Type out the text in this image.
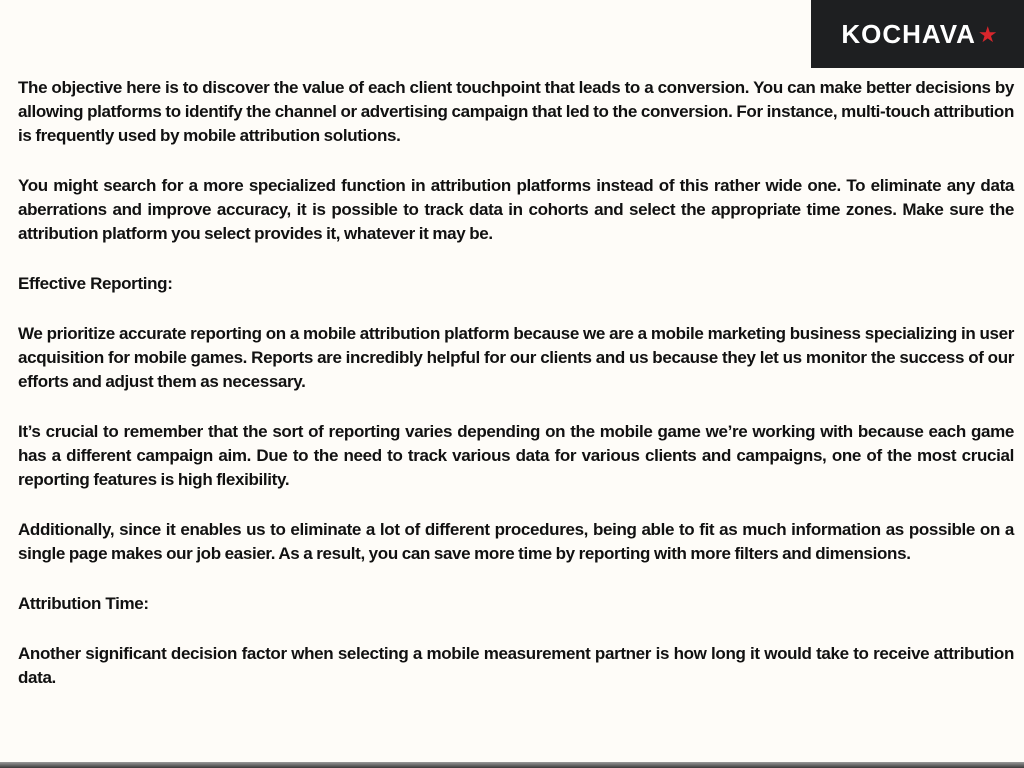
KOCHAVA ★

The objective here is to discover the value of each client touchpoint that leads to a conversion. You can make better decisions by allowing platforms to identify the channel or advertising campaign that led to the conversion. For instance, multi-touch attribution is frequently used by mobile attribution solutions.

You might search for a more specialized function in attribution platforms instead of this rather wide one. To eliminate any data aberrations and improve accuracy, it is possible to track data in cohorts and select the appropriate time zones. Make sure the attribution platform you select provides it, whatever it may be.

Effective Reporting:

We prioritize accurate reporting on a mobile attribution platform because we are a mobile marketing business specializing in user acquisition for mobile games. Reports are incredibly helpful for our clients and us because they let us monitor the success of our efforts and adjust them as necessary.

It’s crucial to remember that the sort of reporting varies depending on the mobile game we’re working with because each game has a different campaign aim. Due to the need to track various data for various clients and campaigns, one of the most crucial reporting features is high flexibility.

Additionally, since it enables us to eliminate a lot of different procedures, being able to fit as much information as possible on a single page makes our job easier. As a result, you can save more time by reporting with more filters and dimensions.

Attribution Time:

Another significant decision factor when selecting a mobile measurement partner is how long it would take to receive attribution data.
